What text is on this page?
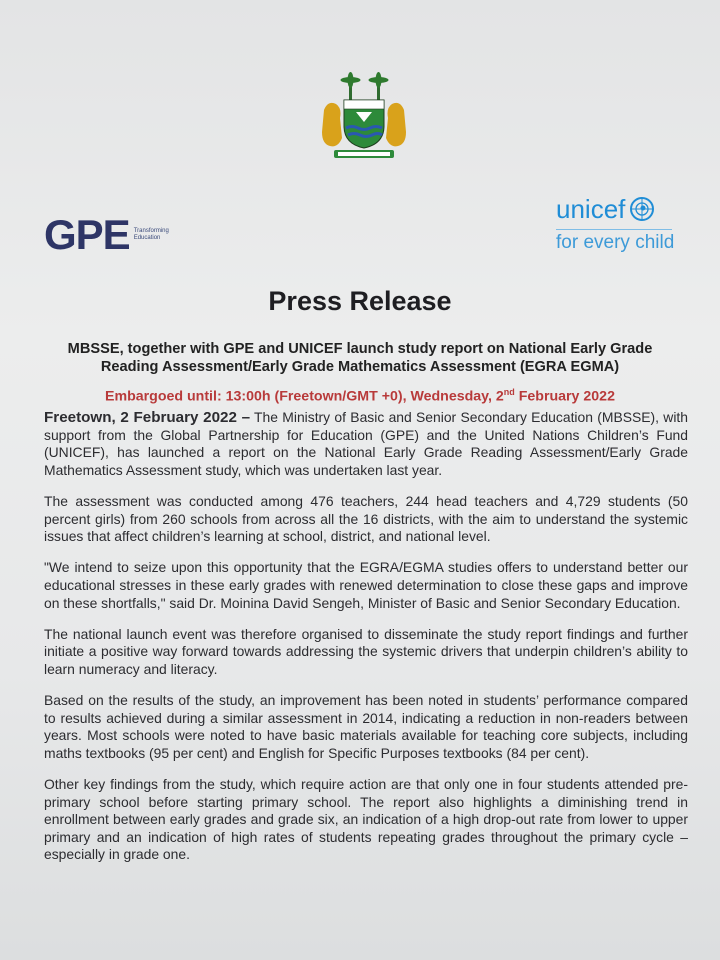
GPE Transforming Education
unicef
for every child
Press Release
MBSSE, together with GPE and UNICEF launch study report on National Early Grade Reading Assessment/Early Grade Mathematics Assessment (EGRA EGMA)
Embargoed until: 13:00h (Freetown/GMT +0), Wednesday, 2nd February 2022

Freetown, 2 February 2022 – The Ministry of Basic and Senior Secondary Education (MBSSE), with support from the Global Partnership for Education (GPE) and the United Nations Children’s Fund (UNICEF), has launched a report on the National Early Grade Reading Assessment/Early Grade Mathematics Assessment study, which was undertaken last year.

The assessment was conducted among 476 teachers, 244 head teachers and 4,729 students (50 percent girls) from 260 schools from across all the 16 districts, with the aim to understand the systemic issues that affect children’s learning at school, district, and national level.

"We intend to seize upon this opportunity that the EGRA/EGMA studies offers to understand better our educational stresses in these early grades with renewed determination to close these gaps and improve on these shortfalls," said Dr. Moinina David Sengeh, Minister of Basic and Senior Secondary Education.

The national launch event was therefore organised to disseminate the study report findings and further initiate a positive way forward towards addressing the systemic drivers that underpin children’s ability to learn numeracy and literacy.

Based on the results of the study, an improvement has been noted in students’ performance compared to results achieved during a similar assessment in 2014, indicating a reduction in non-readers between years. Most schools were noted to have basic materials available for teaching core subjects, including maths textbooks (95 per cent) and English for Specific Purposes textbooks (84 per cent).

Other key findings from the study, which require action are that only one in four students attended pre-primary school before starting primary school. The report also highlights a diminishing trend in enrollment between early grades and grade six, an indication of a high drop-out rate from lower to upper primary and an indication of high rates of students repeating grades throughout the primary cycle – especially in grade one.
